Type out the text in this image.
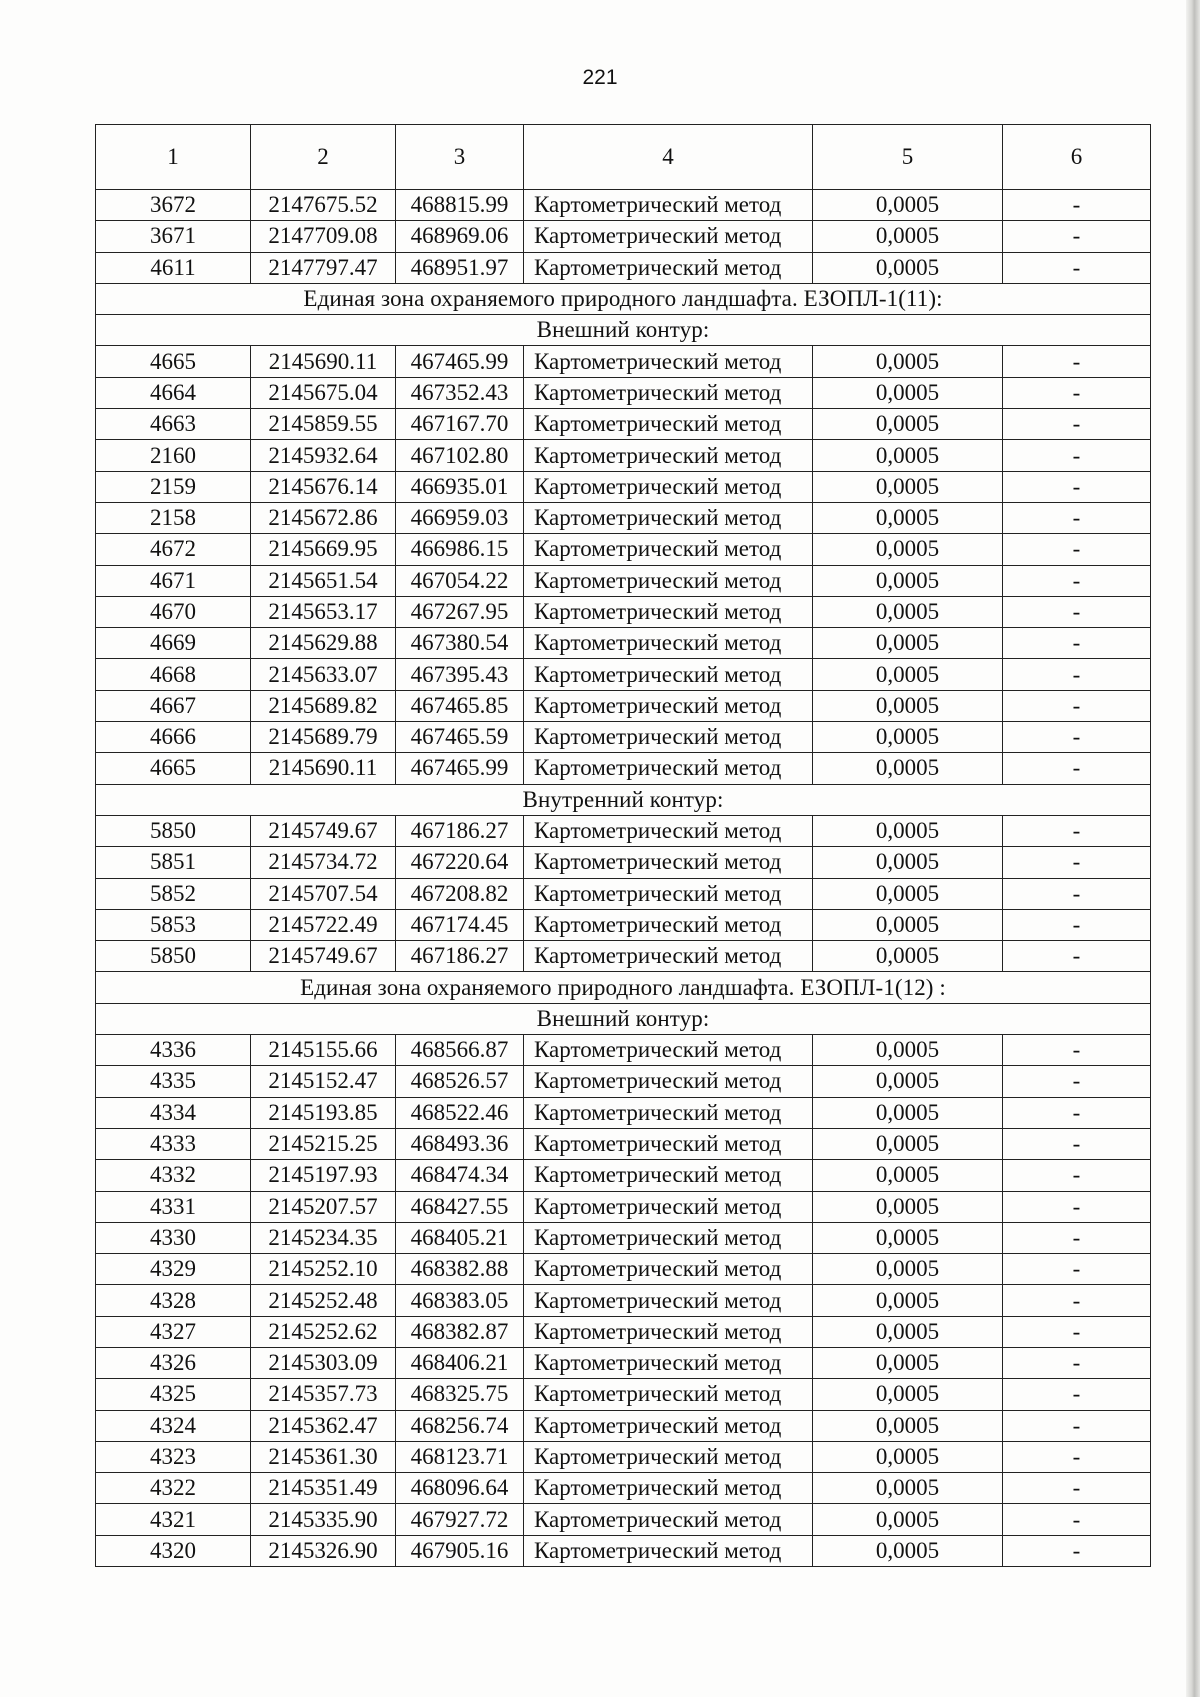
221
1	2	3	4	5	6
3672	2147675.52	468815.99	Картометрический метод	0,0005	-
3671	2147709.08	468969.06	Картометрический метод	0,0005	-
4611	2147797.47	468951.97	Картометрический метод	0,0005	-
Единая зона охраняемого природного ландшафта. ЕЗОПЛ-1(11):					
Внешний контур:					
4665	2145690.11	467465.99	Картометрический метод	0,0005	-
4664	2145675.04	467352.43	Картометрический метод	0,0005	-
4663	2145859.55	467167.70	Картометрический метод	0,0005	-
2160	2145932.64	467102.80	Картометрический метод	0,0005	-
2159	2145676.14	466935.01	Картометрический метод	0,0005	-
2158	2145672.86	466959.03	Картометрический метод	0,0005	-
4672	2145669.95	466986.15	Картометрический метод	0,0005	-
4671	2145651.54	467054.22	Картометрический метод	0,0005	-
4670	2145653.17	467267.95	Картометрический метод	0,0005	-
4669	2145629.88	467380.54	Картометрический метод	0,0005	-
4668	2145633.07	467395.43	Картометрический метод	0,0005	-
4667	2145689.82	467465.85	Картометрический метод	0,0005	-
4666	2145689.79	467465.59	Картометрический метод	0,0005	-
4665	2145690.11	467465.99	Картометрический метод	0,0005	-
Внутренний контур:					
5850	2145749.67	467186.27	Картометрический метод	0,0005	-
5851	2145734.72	467220.64	Картометрический метод	0,0005	-
5852	2145707.54	467208.82	Картометрический метод	0,0005	-
5853	2145722.49	467174.45	Картометрический метод	0,0005	-
5850	2145749.67	467186.27	Картометрический метод	0,0005	-
Единая зона охраняемого природного ландшафта. ЕЗОПЛ-1(12) :					
Внешний контур:					
4336	2145155.66	468566.87	Картометрический метод	0,0005	-
4335	2145152.47	468526.57	Картометрический метод	0,0005	-
4334	2145193.85	468522.46	Картометрический метод	0,0005	-
4333	2145215.25	468493.36	Картометрический метод	0,0005	-
4332	2145197.93	468474.34	Картометрический метод	0,0005	-
4331	2145207.57	468427.55	Картометрический метод	0,0005	-
4330	2145234.35	468405.21	Картометрический метод	0,0005	-
4329	2145252.10	468382.88	Картометрический метод	0,0005	-
4328	2145252.48	468383.05	Картометрический метод	0,0005	-
4327	2145252.62	468382.87	Картометрический метод	0,0005	-
4326	2145303.09	468406.21	Картометрический метод	0,0005	-
4325	2145357.73	468325.75	Картометрический метод	0,0005	-
4324	2145362.47	468256.74	Картометрический метод	0,0005	-
4323	2145361.30	468123.71	Картометрический метод	0,0005	-
4322	2145351.49	468096.64	Картометрический метод	0,0005	-
4321	2145335.90	467927.72	Картометрический метод	0,0005	-
4320	2145326.90	467905.16	Картометрический метод	0,0005	-
